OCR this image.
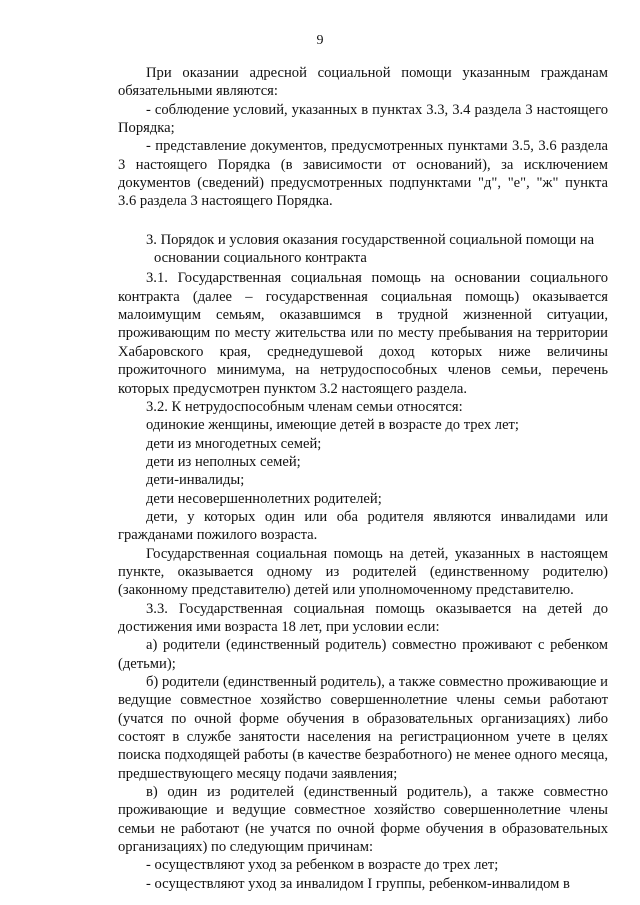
9

При оказании адресной социальной помощи указанным гражданам обязательными являются:

- соблюдение условий, указанных в пунктах 3.3, 3.4 раздела 3 настоящего Порядка;

- представление документов, предусмотренных пунктами 3.5, 3.6 раздела 3 настоящего Порядка (в зависимости от оснований), за исключением документов (сведений) предусмотренных подпунктами "д", "е", "ж" пункта 3.6 раздела 3 настоящего Порядка.

3. Порядок и условия оказания государственной социальной помощи на

основании социального контракта

3.1. Государственная социальная помощь на основании социального контракта (далее – государственная социальная помощь) оказывается малоимущим семьям, оказавшимся в трудной жизненной ситуации, проживающим по месту жительства или по месту пребывания на территории Хабаровского края, среднедушевой доход которых ниже величины прожиточного минимума, на нетрудоспособных членов семьи, перечень которых предусмотрен пунктом 3.2 настоящего раздела.

3.2. К нетрудоспособным членам семьи относятся:

одинокие женщины, имеющие детей в возрасте до трех лет;

дети из многодетных семей;

дети из неполных семей;

дети-инвалиды;

дети несовершеннолетних родителей;

дети, у которых один или оба родителя являются инвалидами или гражданами пожилого возраста.

Государственная социальная помощь на детей, указанных в настоящем пункте, оказывается одному из родителей (единственному родителю) (законному представителю) детей или уполномоченному представителю.

3.3. Государственная социальная помощь оказывается на детей до достижения ими возраста 18 лет, при условии если:

а) родители (единственный родитель) совместно проживают с ребенком (детьми);

б) родители (единственный родитель), а также совместно проживающие и ведущие совместное хозяйство совершеннолетние члены семьи работают (учатся по очной форме обучения в образовательных организациях) либо состоят в службе занятости населения на регистрационном учете в целях поиска подходящей работы (в качестве безработного) не менее одного месяца, предшествующего месяцу подачи заявления;

в) один из родителей (единственный родитель), а также совместно проживающие и ведущие совместное хозяйство совершеннолетние члены семьи не работают (не учатся по очной форме обучения в образовательных организациях) по следующим причинам:

- осуществляют уход за ребенком в возрасте до трех лет;

- осуществляют уход за инвалидом I группы, ребенком-инвалидом в
